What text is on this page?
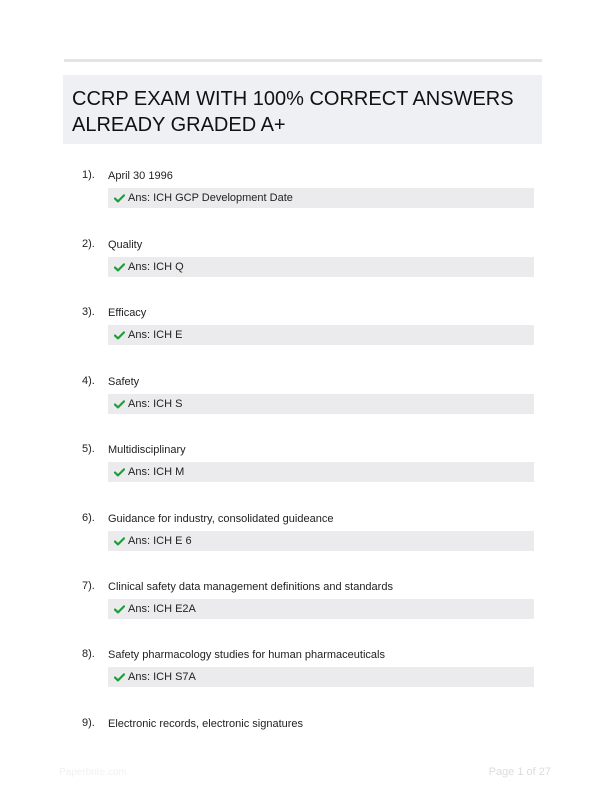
CCRP EXAM WITH 100% CORRECT ANSWERS
ALREADY GRADED A+
1). April 30 1996
Ans: ICH GCP Development Date
2). Quality
Ans: ICH Q
3). Efficacy
Ans: ICH E
4). Safety
Ans: ICH S
5). Multidisciplinary
Ans: ICH M
6). Guidance for industry, consolidated guideance
Ans: ICH E 6
7). Clinical safety data management definitions and standards
Ans: ICH E2A
8). Safety pharmacology studies for human pharmaceuticals
Ans: ICH S7A
9). Electronic records, electronic signatures
Paperbrite.com	Page 1 of 27
